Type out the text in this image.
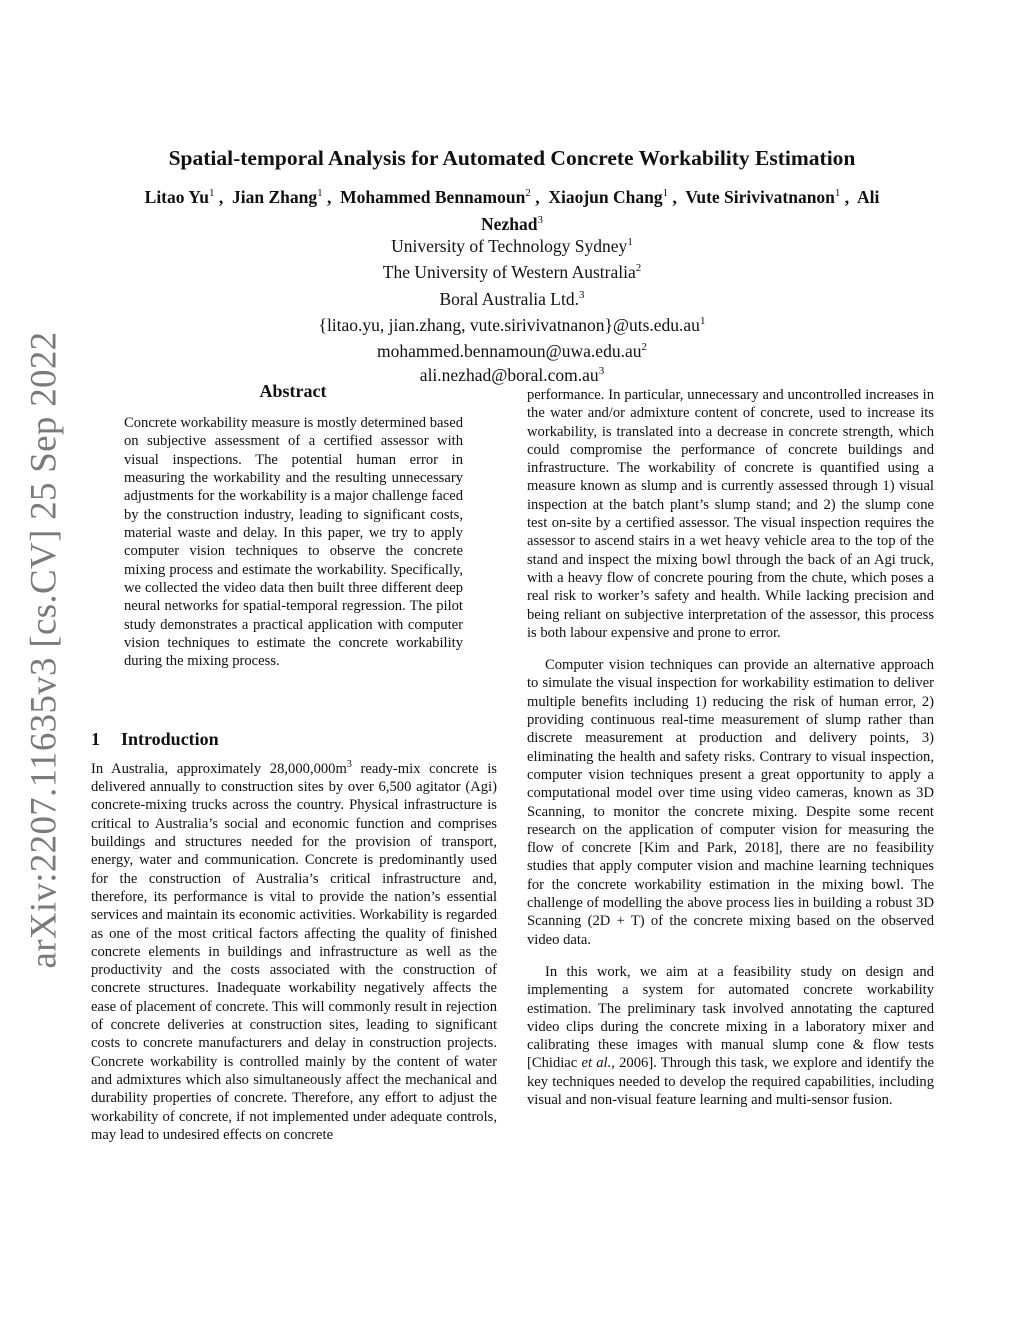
arXiv:2207.11635v3 [cs.CV] 25 Sep 2022
Spatial-temporal Analysis for Automated Concrete Workability Estimation
Litao Yu$^1$ ,  Jian Zhang$^1$ ,  Mohammed Bennamoun$^2$ ,  Xiaojun Chang$^1$ ,  Vute Sirivivatnanon$^1$ ,  Ali
Nezhad$^3$
University of Technology Sydney$^1$
The University of Western Australia$^2$
Boral Australia Ltd.$^3$
{litao.yu, jian.zhang, $vute.sirivivatnanon\}@uts.edu.au^1$
$mohammed.bennamoun@uwa.edu.au^2$
$ali.nezhad@boral.com.au^3$
Abstract

Concrete workability measure is mostly determined based on subjective assessment of a certified assessor with visual inspections. The potential human error in measuring the workability and the resulting unnecessary adjustments for the workability is a major challenge faced by the construction industry, leading to significant costs, material waste and delay. In this paper, we try to apply computer vision techniques to observe the concrete mixing process and estimate the workability. Specifically, we collected the video data then built three different deep neural networks for spatial-temporal regression. The pilot study demonstrates a practical application with computer vision techniques to estimate the concrete workability during the mixing process.

1 Introduction

In Australia, approximately $28,000,000m^3$ ready-mix concrete is delivered annually to construction sites by over 6,500 agitator (Agi) concrete-mixing trucks across the country. Physical infrastructure is critical to Australia’s social and economic function and comprises buildings and structures needed for the provision of transport, energy, water and communication. Concrete is predominantly used for the construction of Australia’s critical infrastructure and, therefore, its performance is vital to provide the nation’s essential services and maintain its economic activities. Workability is regarded as one of the most critical factors affecting the quality of finished concrete elements in buildings and infrastructure as well as the productivity and the costs associated with the construction of concrete structures. Inadequate workability negatively affects the ease of placement of concrete. This will commonly result in rejection of concrete deliveries at construction sites, leading to significant costs to concrete manufacturers and delay in construction projects. Concrete workability is controlled mainly by the content of water and admixtures which also simultaneously affect the mechanical and durability properties of concrete. Therefore, any effort to adjust the workability of concrete, if not implemented under adequate controls, may lead to undesired effects on concrete

performance. In particular, unnecessary and uncontrolled increases in the water and/or admixture content of concrete, used to increase its workability, is translated into a decrease in concrete strength, which could compromise the performance of concrete buildings and infrastructure. The workability of concrete is quantified using a measure known as slump and is currently assessed through 1) visual inspection at the batch plant’s slump stand; and 2) the slump cone test on-site by a certified assessor. The visual inspection requires the assessor to ascend stairs in a wet heavy vehicle area to the top of the stand and inspect the mixing bowl through the back of an Agi truck, with a heavy flow of concrete pouring from the chute, which poses a real risk to worker’s safety and health. While lacking precision and being reliant on subjective interpretation of the assessor, this process is both labour expensive and prone to error.

Computer vision techniques can provide an alternative approach to simulate the visual inspection for workability estimation to deliver multiple benefits including 1) reducing the risk of human error, 2) providing continuous real-time measurement of slump rather than discrete measurement at production and delivery points, 3) eliminating the health and safety risks. Contrary to visual inspection, computer vision techniques present a great opportunity to apply a computational model over time using video cameras, known as 3D Scanning, to monitor the concrete mixing. Despite some recent research on the application of computer vision for measuring the flow of concrete [Kim and Park, 2018], there are no feasibility studies that apply computer vision and machine learning techniques for the concrete workability estimation in the mixing bowl. The challenge of modelling the above process lies in building a robust 3D Scanning (2D + T) of the concrete mixing based on the observed video data.

In this work, we aim at a feasibility study on design and implementing a system for automated concrete workability estimation. The preliminary task involved annotating the captured video clips during the concrete mixing in a laboratory mixer and calibrating these images with manual slump cone & flow tests [Chidiac et al., 2006]. Through this task, we explore and identify the key techniques needed to develop the required capabilities, including visual and non-visual feature learning and multi-sensor fusion.
